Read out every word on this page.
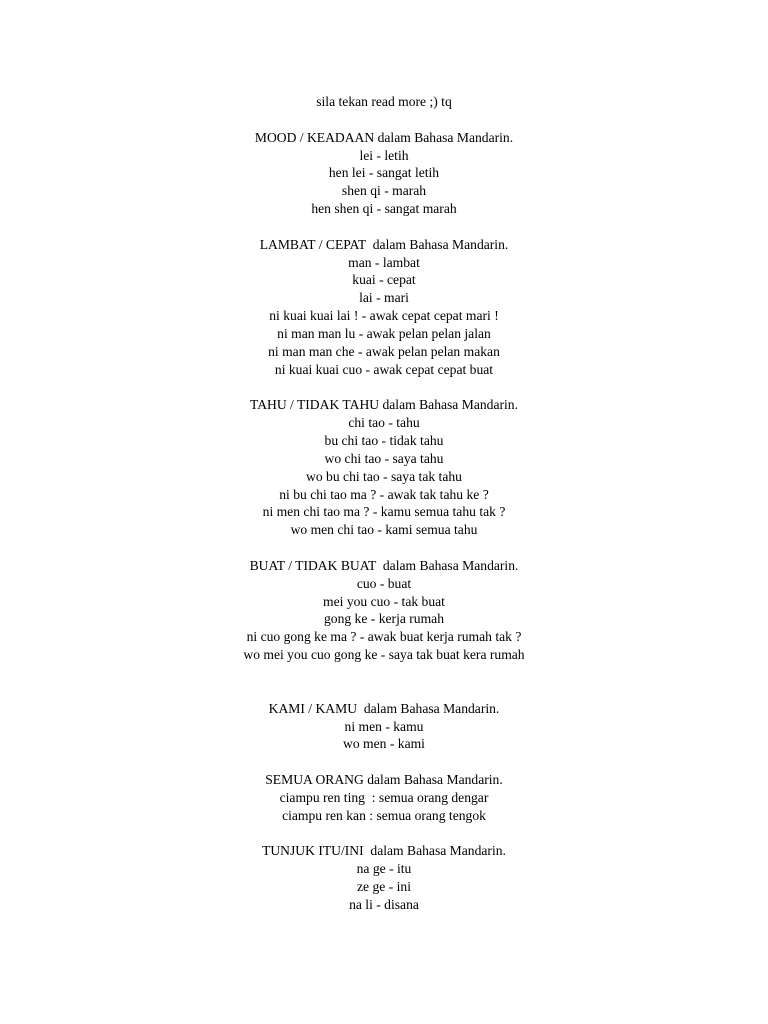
sila tekan read more ;) tq
MOOD / KEADAAN dalam Bahasa Mandarin.
lei - letih
hen lei - sangat letih
shen qi - marah
hen shen qi - sangat marah
LAMBAT / CEPAT  dalam Bahasa Mandarin.
man - lambat
kuai - cepat
lai - mari
ni kuai kuai lai ! - awak cepat cepat mari !
ni man man lu - awak pelan pelan jalan
ni man man che - awak pelan pelan makan
ni kuai kuai cuo - awak cepat cepat buat
TAHU / TIDAK TAHU dalam Bahasa Mandarin.
chi tao - tahu
bu chi tao - tidak tahu
wo chi tao - saya tahu
wo bu chi tao - saya tak tahu
ni bu chi tao ma ? - awak tak tahu ke ?
ni men chi tao ma ? - kamu semua tahu tak ?
wo men chi tao - kami semua tahu
BUAT / TIDAK BUAT  dalam Bahasa Mandarin.
cuo - buat
mei you cuo - tak buat
gong ke - kerja rumah
ni cuo gong ke ma ? - awak buat kerja rumah tak ?
wo mei you cuo gong ke - saya tak buat kera rumah
KAMI / KAMU  dalam Bahasa Mandarin.
ni men - kamu
wo men - kami
SEMUA ORANG dalam Bahasa Mandarin.
ciampu ren ting  : semua orang dengar
ciampu ren kan : semua orang tengok
TUNJUK ITU/INI  dalam Bahasa Mandarin.
na ge - itu
ze ge - ini
na li - disana
